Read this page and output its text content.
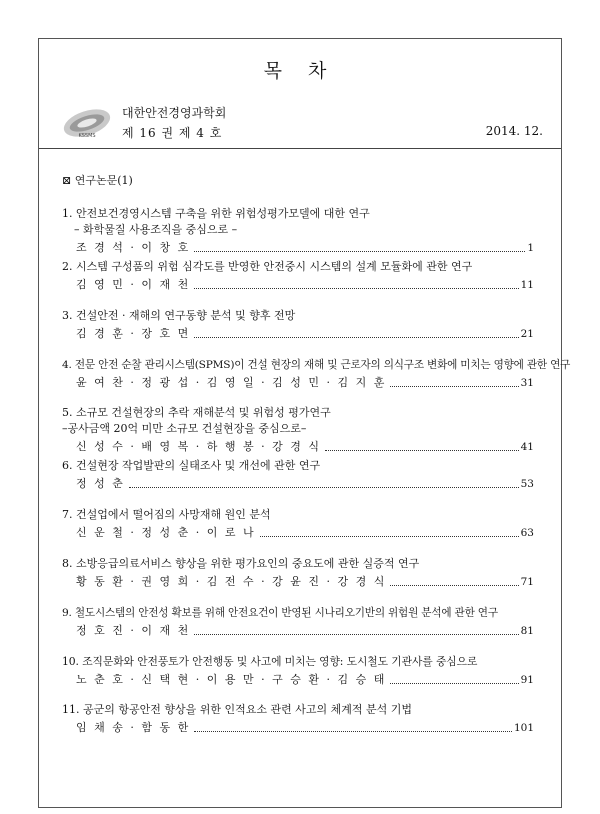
목 차
KSSMS
대한안전경영과학회
제 16 권 제 4 호	2014. 12.
⊠ 연구논문(1)
1. 안전보건경영시스템 구축을 위한 위험성평가모델에 대한 연구
– 화학물질 사용조직을 중심으로 –
조 경 석 · 이 창 호	1
2. 시스템 구성품의 위험 심각도를 반영한 안전중시 시스템의 설계 모듈화에 관한 연구
김 영 민 · 이 재 천	11
3. 건설안전 · 재해의 연구동향 분석 및 향후 전망
김 경 훈 · 장 호 면	21
4. 전문 안전 순찰 관리시스템(SPMS)이 건설 현장의 재해 및 근로자의 의식구조 변화에 미치는 영향에 관한 연구
윤 여 찬 · 정 광 섭 · 김 영 일 · 김 성 민 · 김 지 훈	31
5. 소규모 건설현장의 추락 재해분석 및 위험성 평가연구
–공사금액 20억 미만 소규모 건설현장을 중심으로–
신 성 수 · 배 영 복 · 하 행 봉 · 강 경 식	41
6. 건설현장 작업발판의 실태조사 및 개선에 관한 연구
정 성 춘	53
7. 건설업에서 떨어짐의 사망재해 원인 분석
신 운 철 · 정 성 춘 · 이 로 나	63
8. 소방응급의료서비스 향상을 위한 평가요인의 중요도에 관한 실증적 연구
황 동 환 · 권 영 희 · 김 전 수 · 강 윤 진 · 강 경 식	71
9. 철도시스템의 안전성 확보를 위해 안전요건이 반영된 시나리오기반의 위험원 분석에 관한 연구
정 호 진 · 이 재 천	81
10. 조직문화와 안전풍토가 안전행동 및 사고에 미치는 영향: 도시철도 기관사를 중심으로
노 춘 호 · 신 택 현 · 이 용 만 · 구 승 환 · 김 승 태	91
11. 공군의 항공안전 향상을 위한 인적요소 관련 사고의 체계적 분석 기법
임 채 송 · 함 동 한	101
